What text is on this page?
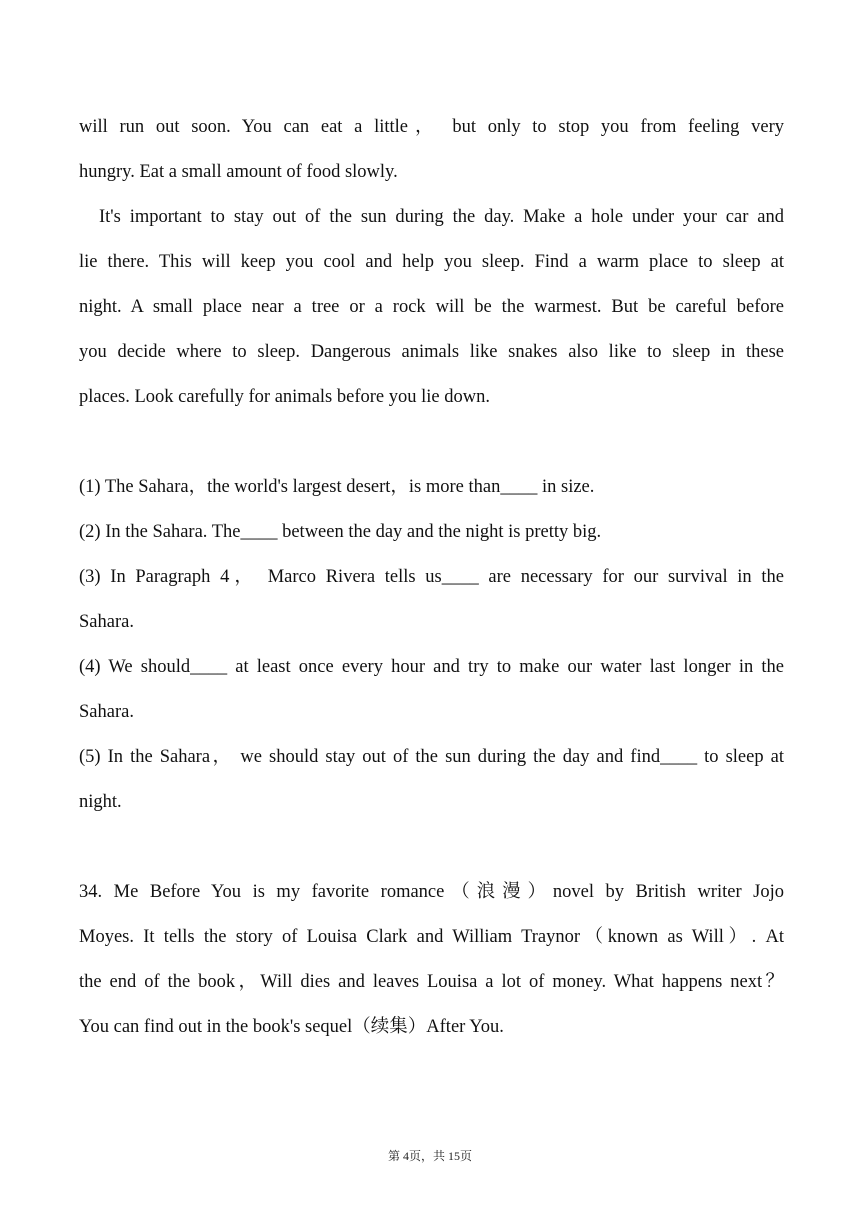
will run out soon. You can eat a little， but only to stop you from feeling very
hungry. Eat a small amount of food slowly.
It's important to stay out of the sun during the day. Make a hole under your car and
lie there. This will keep you cool and help you sleep. Find a warm place to sleep at
night. A small place near a tree or a rock will be the warmest. But be careful before
you decide where to sleep. Dangerous animals like snakes also like to sleep in these
places. Look carefully for animals before you lie down.
(1) The Sahara，the world's largest desert，is more than____ in size.
(2) In the Sahara. The____ between the day and the night is pretty big.
(3) In Paragraph 4， Marco Rivera tells us____ are necessary for our survival in the
Sahara.
(4) We should____ at least once every hour and try to make our water last longer in the
Sahara.
(5) In the Sahara， we should stay out of the sun during the day and find____ to sleep at
night.
34. Me Before You is my favorite romance（浪漫）novel by British writer Jojo
Moyes. It tells the story of Louisa Clark and William Traynor（known as Will）. At
the end of the book，Will dies and leaves Louisa a lot of money. What happens next？
You can find out in the book's sequel（续集）After You.
第 4页，共 15页
